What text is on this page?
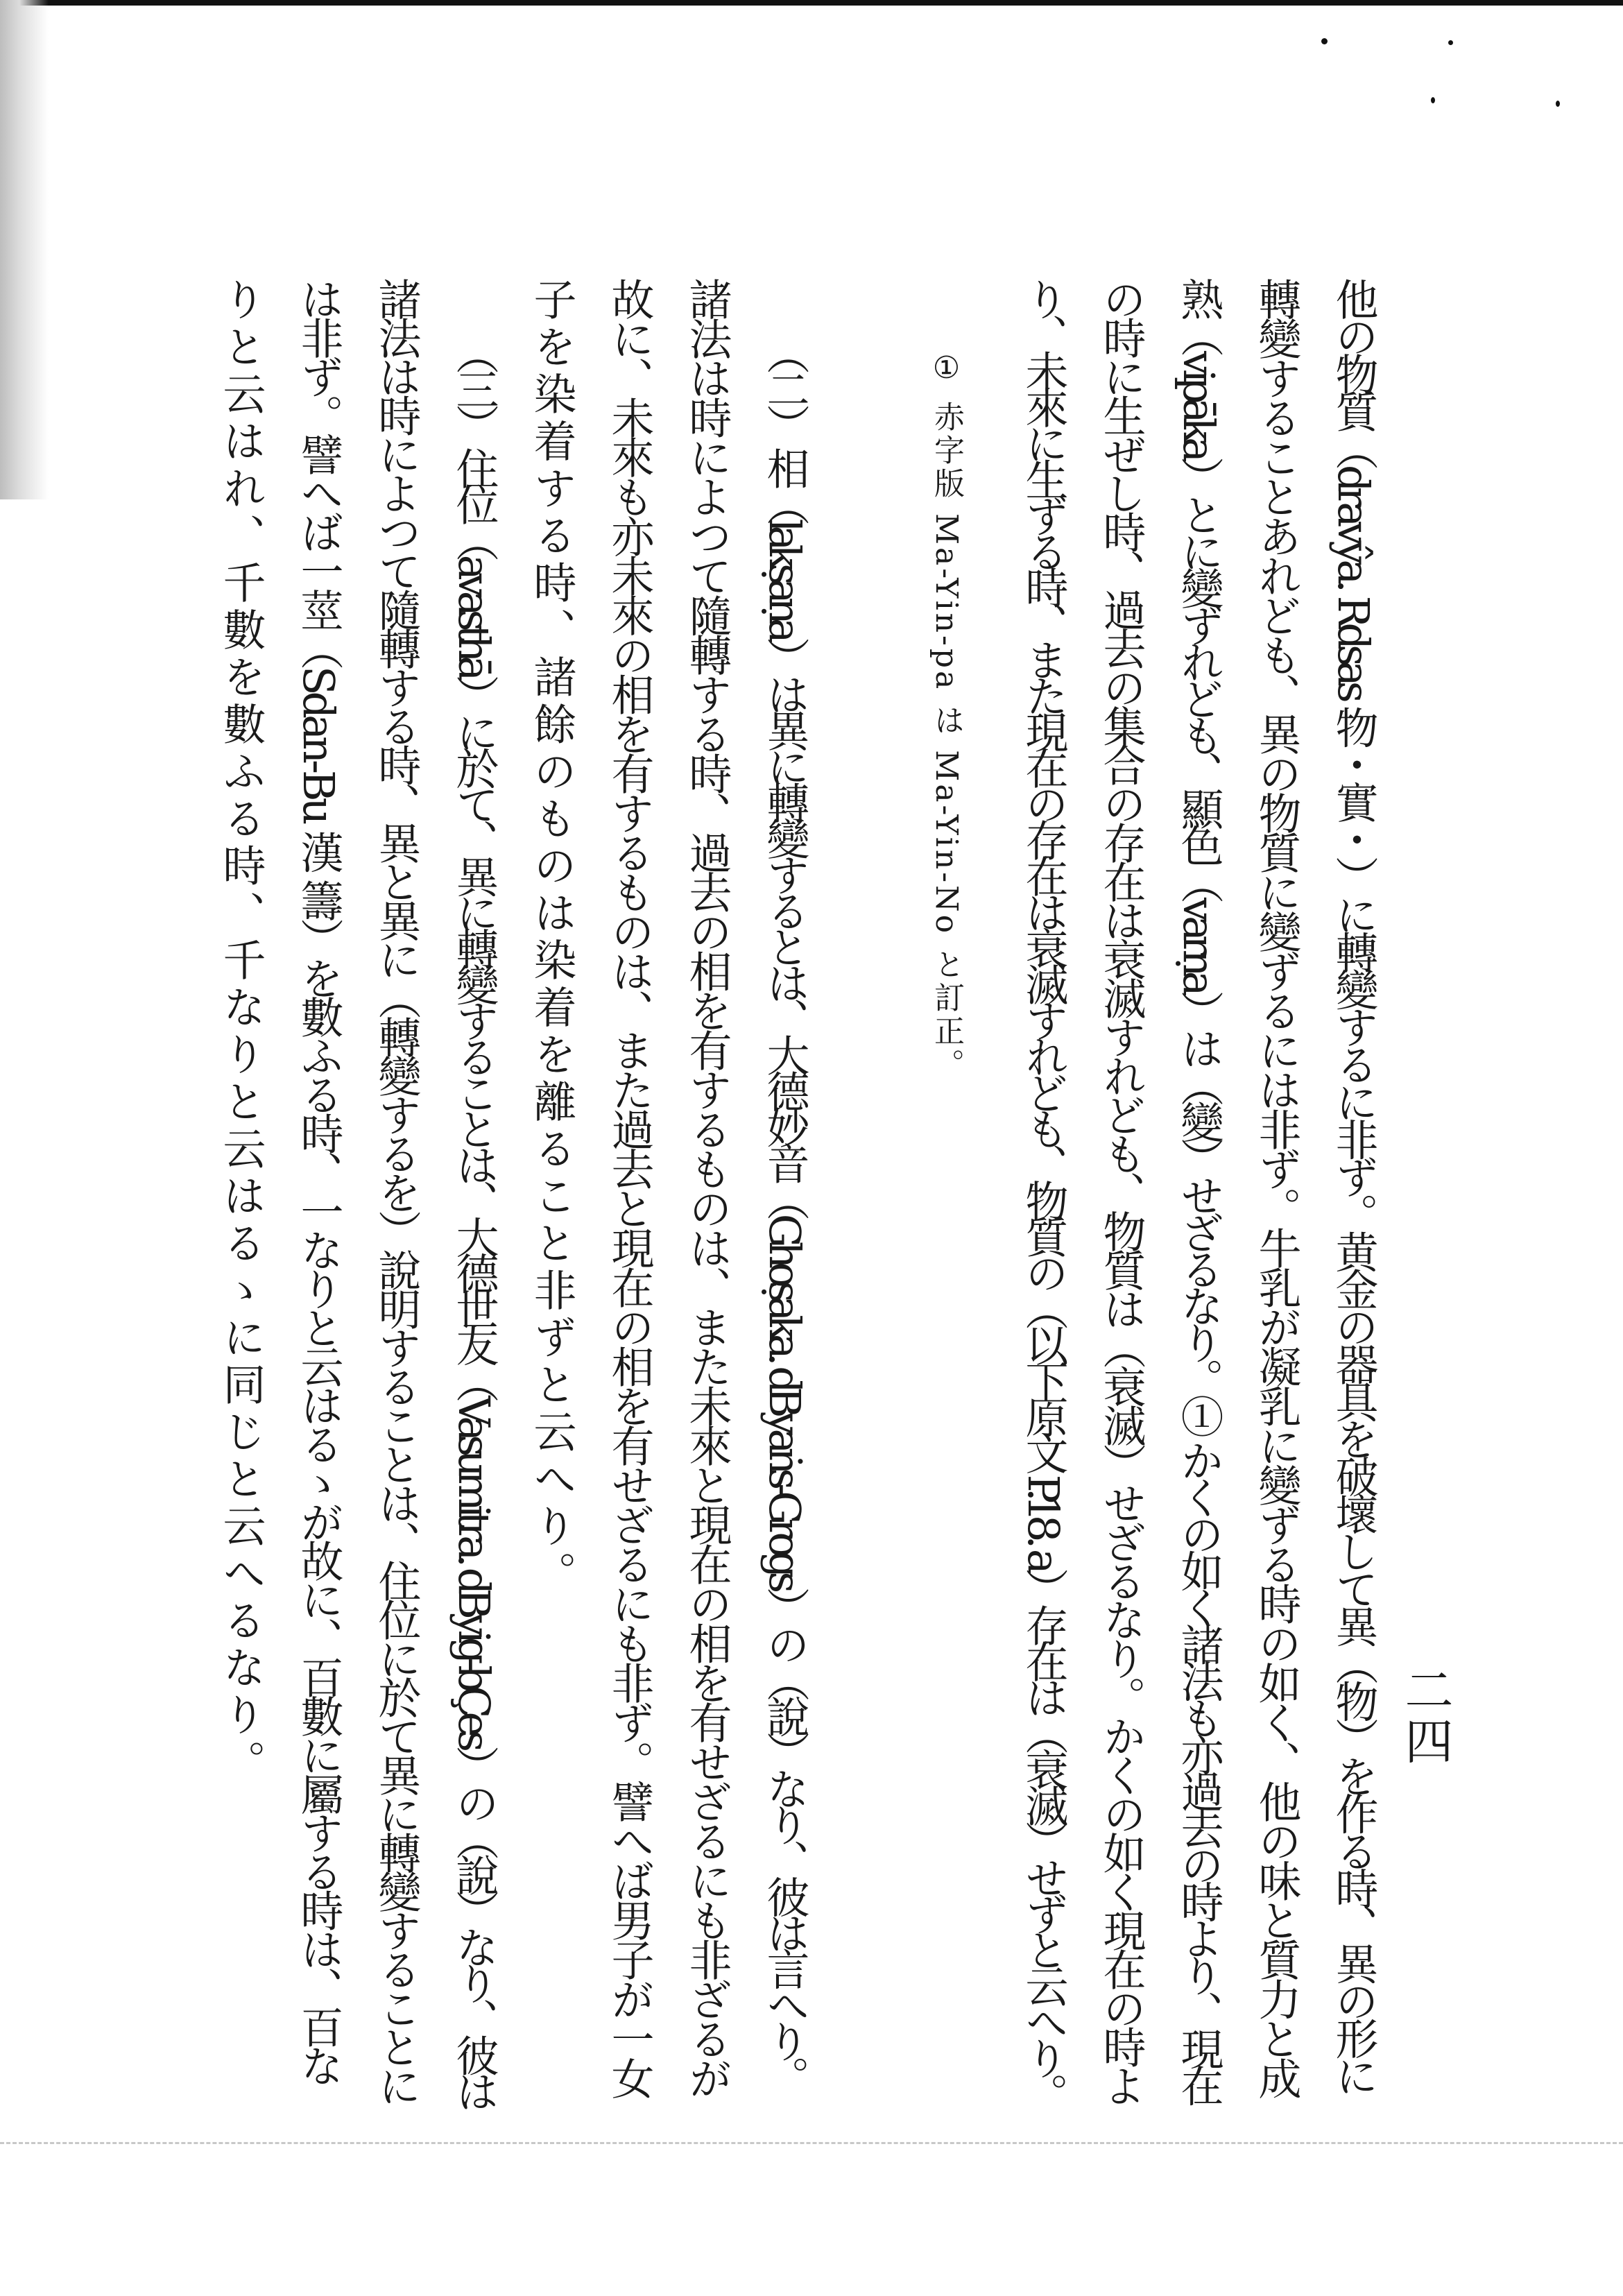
二四
他の物質（dravŷa. Rdsas 物・實・）に轉變するに非ず。黄金の器具を破壞して異（物）を作る時、異の形に
轉變することあれども、異の物質に變ずるには非ず。牛乳が凝乳に變ずる時の如く、他の味と質力と成
熟（vipāka）とに變ずれども、顯色（varṇa）は（變）せざるなり。① かくの如く諸法も亦過去の時より、現在
の時に生ぜし時、過去の集合の存在は衰滅すれども、物質は（衰滅）せざるなり。かくの如く現在の時よ
り、未來に生ずる時、また現在の存在は衰滅すれども、物質の（以下原文 P.18. a）存在は（衰滅）せずと云へり。
① 赤字版 Ma-Yin-pa は Ma-Yin-No と訂正。
（二） 相（lakṣaṇa）は異に轉變するとは、大德妙音（Ghoṣaka. dByaṅs-Grogs）の（說）なり、彼は言へり。
諸法は時によつて隨轉する時、過去の相を有するものは、また未來と現在の相を有せざるにも非ざるが
故に、未來も亦未來の相を有するものは、また過去と現在の相を有せざるにも非ず。譬へば男子が一女
子を染着する時、諸餘のものは染着を離ること非ずと云へり。
（三） 住位（avasthā）に於て、異に轉變することは、大德世友（Vasumitra. dByig-bÇes）の（說）なり、彼は
諸法は時によつて隨轉する時、異と異に（轉變するを）說明することは、住位に於て異に轉變することに
は非ず。譬へば一莖（Sdan-Bu 漢 籌）を數ふる時、一なりと云はるゝが故に、百數に屬する時は、百な
りと云はれ、千數を數ふる時、千なりと云はるゝに同じと云へるなり。
